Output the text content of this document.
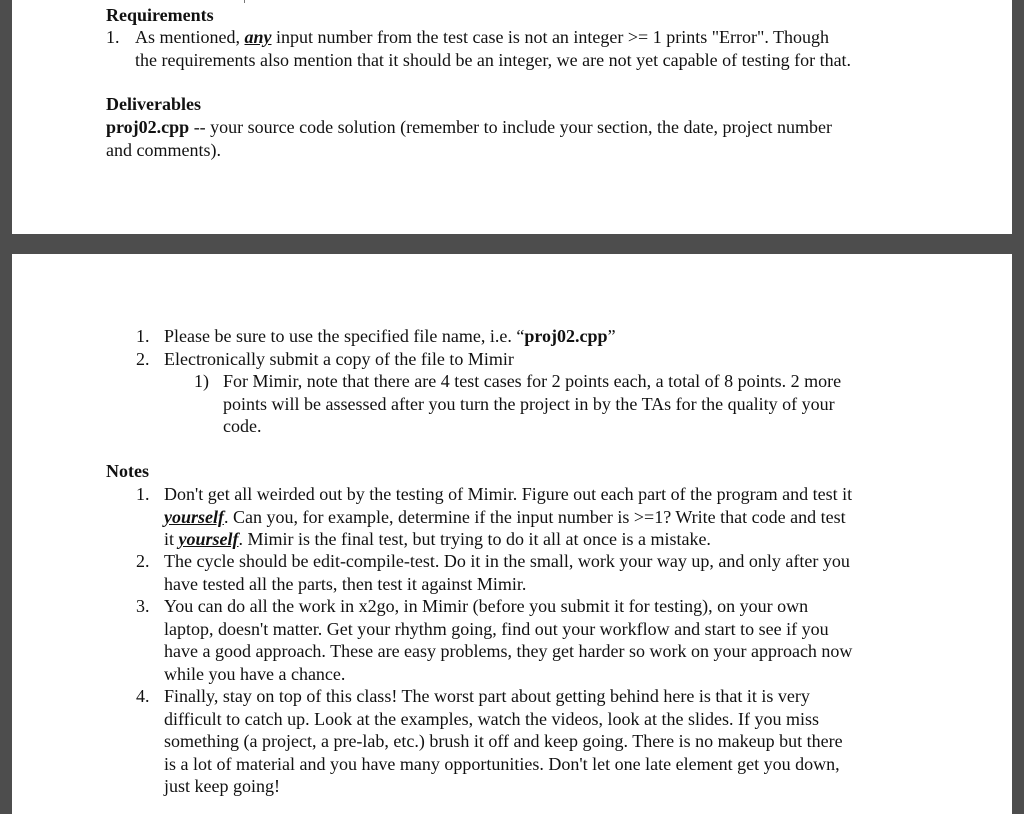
Requirements
1. As mentioned, any input number from the test case is not an integer >= 1 prints "Error". Though
the requirements also mention that it should be an integer, we are not yet capable of testing for that.
Deliverables
proj02.cpp -- your source code solution (remember to include your section, the date, project number
and comments).
1. Please be sure to use the specified file name, i.e. “proj02.cpp”
2. Electronically submit a copy of the file to Mimir
1) For Mimir, note that there are 4 test cases for 2 points each, a total of 8 points. 2 more
points will be assessed after you turn the project in by the TAs for the quality of your
code.
Notes
1. Don't get all weirded out by the testing of Mimir. Figure out each part of the program and test it
yourself. Can you, for example, determine if the input number is >=1? Write that code and test
it yourself. Mimir is the final test, but trying to do it all at once is a mistake.
2. The cycle should be edit-compile-test. Do it in the small, work your way up, and only after you
have tested all the parts, then test it against Mimir.
3. You can do all the work in x2go, in Mimir (before you submit it for testing), on your own
laptop, doesn't matter. Get your rhythm going, find out your workflow and start to see if you
have a good approach. These are easy problems, they get harder so work on your approach now
while you have a chance.
4. Finally, stay on top of this class! The worst part about getting behind here is that it is very
difficult to catch up. Look at the examples, watch the videos, look at the slides. If you miss
something (a project, a pre-lab, etc.) brush it off and keep going. There is no makeup but there
is a lot of material and you have many opportunities. Don't let one late element get you down,
just keep going!
